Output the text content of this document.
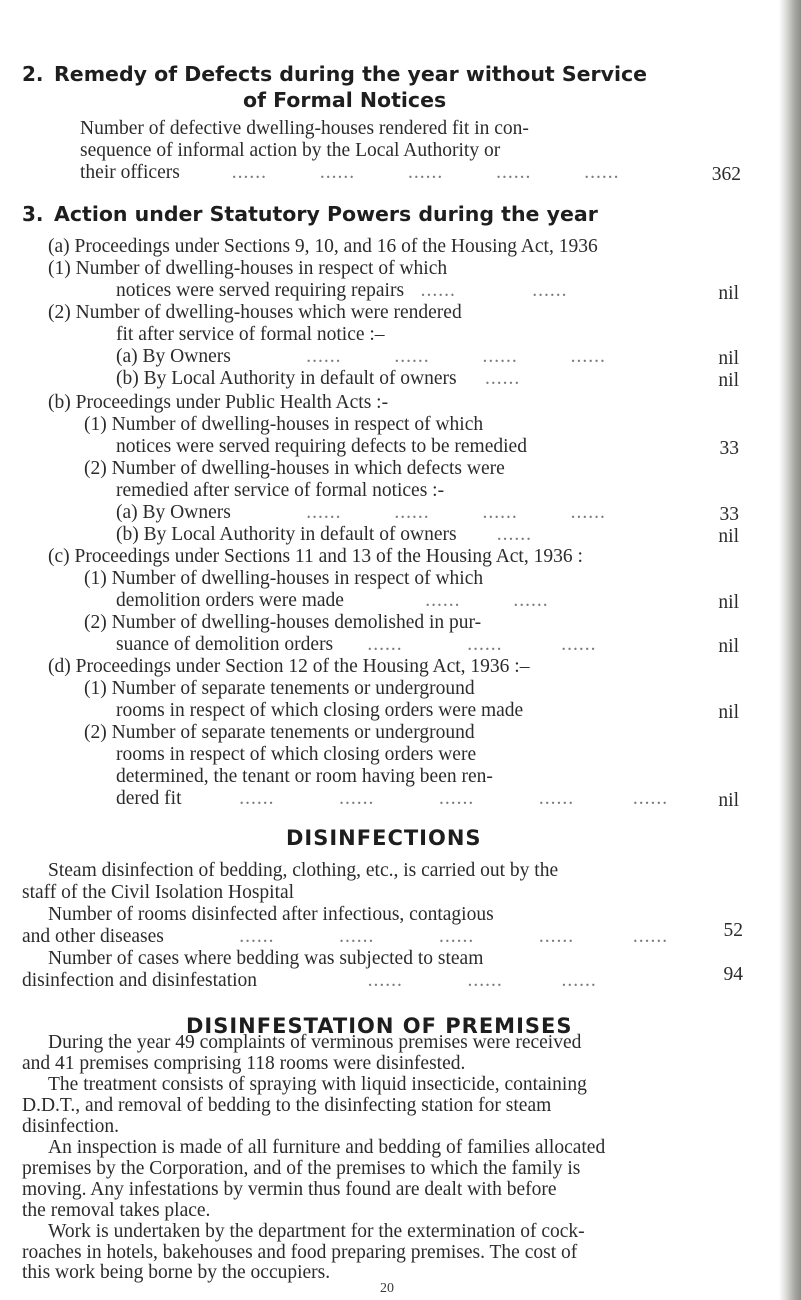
2. Remedy of Defects during the year without Service
of Formal Notices

Number of defective dwelling-houses rendered fit in con-

sequence of informal action by the Local Authority or

their officers         ......         ......         ......         ......         ......	362

3. Action under Statutory Powers during the year

(a) Proceedings under Sections 9, 10, and 16 of the Housing Act, 1936

(1) Number of dwelling-houses in respect of which

notices were served requiring repairs   ......             ......	nil

(2) Number of dwelling-houses which were rendered

fit after service of formal notice :–

(a) By Owners             ......         ......         ......         ......	nil

(b) By Local Authority in default of owners     ......	nil

(b) Proceedings under Public Health Acts :-

(1) Number of dwelling-houses in respect of which

notices were served requiring defects to be remedied	33

(2) Number of dwelling-houses in which defects were

remedied after service of formal notices :-

(a) By Owners             ......         ......         ......         ......	33

(b) By Local Authority in default of owners       ......	nil

(c) Proceedings under Sections 11 and 13 of the Housing Act, 1936 :

(1) Number of dwelling-houses in respect of which

demolition orders were made              ......         ......	nil

(2) Number of dwelling-houses demolished in pur-

suance of demolition orders      ......           ......          ......	nil

(d) Proceedings under Section 12 of the Housing Act, 1936 :–

(1) Number of separate tenements or underground

rooms in respect of which closing orders were made	nil

(2) Number of separate tenements or underground

rooms in respect of which closing orders were

determined, the tenant or room having been ren-

dered fit          ......           ......           ......           ......          ......	nil

DISINFECTIONS

Steam disinfection of bedding, clothing, etc., is carried out by the

staff of the Civil Isolation Hospital

Number of rooms disinfected after infectious, contagious

and other diseases             ......           ......           ......           ......          ......	52

Number of cases where bedding was subjected to steam

disinfection and disinfestation                   ......           ......          ......	94

DISINFESTATION OF PREMISES

During the year 49 complaints of verminous premises were received

and 41 premises comprising 118 rooms were disinfested.

The treatment consists of spraying with liquid insecticide, containing

D.D.T., and removal of bedding to the disinfecting station for steam

disinfection.

An inspection is made of all furniture and bedding of families allocated

premises by the Corporation, and of the premises to which the family is

moving. Any infestations by vermin thus found are dealt with before

the removal takes place.

Work is undertaken by the department for the extermination of cock-

roaches in hotels, bakehouses and food preparing premises. The cost of

20

this work being borne by the occupiers.
